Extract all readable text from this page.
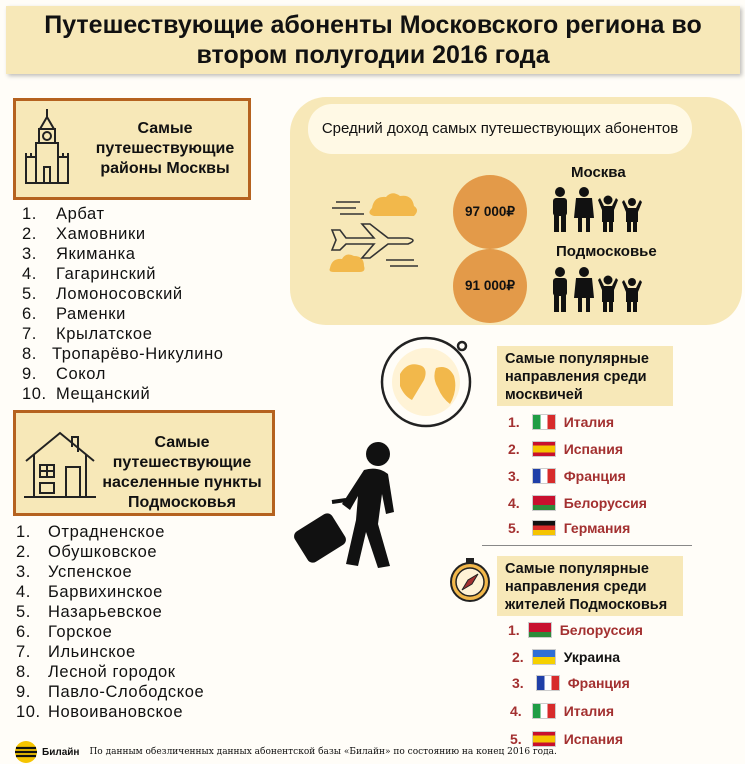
Путешествующие абоненты Московского региона во втором полугодии 2016 года
Самые путешествующие районы Москвы
1.	Арбат
2.	Хамовники
3.	Якиманка
4.	Гагаринский
5.	Ломоносовский
6.	Раменки
7.	Крылатское
8. Тропарёво-Никулино
9.	Сокол
10. Мещанский
Самые путешествующие населенные пункты Подмосковья
1.	Отрадненское
2.	Обушковское
3.	Успенское
4.	Барвихинское
5.	Назарьевское
6.	Горское
7.	Ильинское
8.	Лесной городок
9.	Павло-Слободское
10. Новоивановское
Средний доход самых путешествующих абонентов
97 000₽
91 000₽
Москва
Подмосковье
Самые популярные направления среди москвичей
1.	Италия
2.	Испания
3.	Франция
4.	Белоруссия
5.	Германия
Самые популярные направления среди жителей Подмосковья
1.	Белоруссия
2.	Украина
3.	Франция
4.	Италия
5.	Испания
Билайн По данным обезличенных данных абонентской базы «Билайн» по состоянию на конец 2016 года.
